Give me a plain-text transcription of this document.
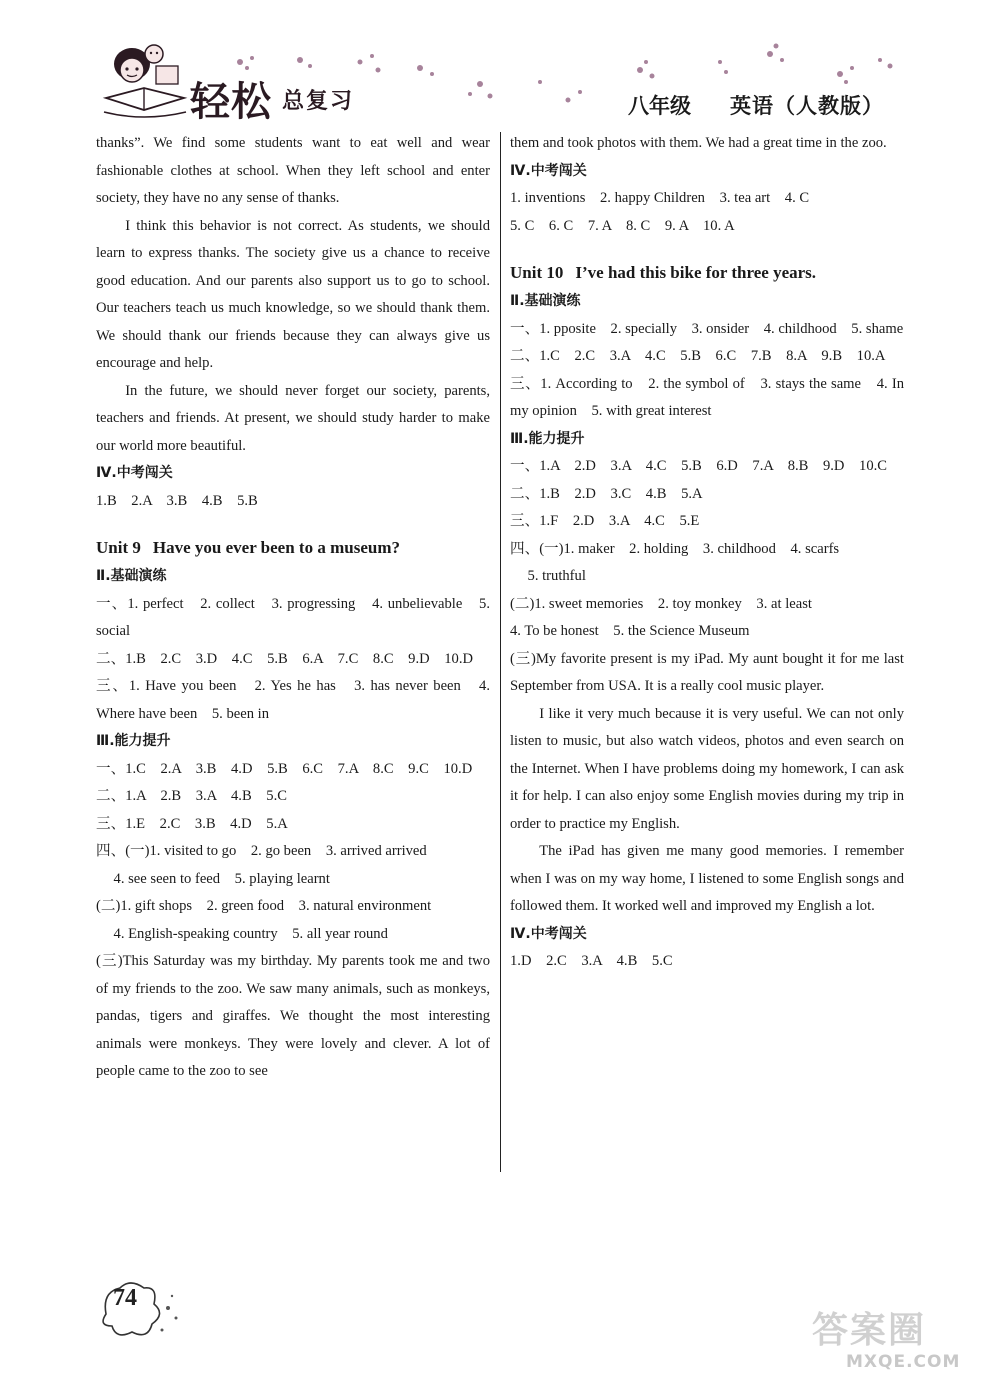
轻松 总复习	八年级 英语（人教版）

thanks”. We find some students want to eat well and wear fashionable clothes at school. When they left school and enter society, they have no any sense of thanks.

I think this behavior is not correct. As students, we should learn to express thanks. The society give us a chance to receive good education. And our parents also support us to go to school. Our teachers teach us much knowledge, so we should thank them. We should thank our friends because they can always give us encourage and help.

In the future, we should never forget our society, parents, teachers and friends. At present, we should study harder to make our world more beautiful.

Ⅳ.中考闯关

1.B　2.A　3.B　4.B　5.B

Unit 9 Have you ever been to a museum?

Ⅱ.基础演练

一、1. perfect　2. collect　3. progressing　4. unbelievable　5. social

二、1.B　2.C　3.D　4.C　5.B　6.A　7.C　8.C　9.D　10.D

三、1. Have you been　2. Yes he has　3. has never been　4. Where have been　5. been in

Ⅲ.能力提升

一、1.C　2.A　3.B　4.D　5.B　6.C　7.A　8.C　9.C　10.D

二、1.A　2.B　3.A　4.B　5.C

三、1.E　2.C　3.B　4.D　5.A

四、(一)1. visited to go　2. go been　3. arrived arrived

4. see seen to feed　5. playing learnt

(二)1. gift shops　2. green food　3. natural environment

4. English-speaking country　5. all year round

(三)This Saturday was my birthday. My parents took me and two of my friends to the zoo. We saw many animals, such as monkeys, pandas, tigers and giraffes. We thought the most interesting animals were monkeys. They were lovely and clever. A lot of people came to the zoo to see

them and took photos with them. We had a great time in the zoo.

Ⅳ.中考闯关

1. inventions　2. happy Children　3. tea art　4. C

5. C　6. C　7. A　8. C　9. A　10. A

Unit 10 I’ve had this bike for three years.

Ⅱ.基础演练

一、1. pposite　2. specially　3. onsider　4. childhood　5. shame

二、1.C　2.C　3.A　4.C　5.B　6.C　7.B　8.A　9.B　10.A

三、1. According to　2. the symbol of　3. stays the same　4. In my opinion　5. with great interest

Ⅲ.能力提升

一、1.A　2.D　3.A　4.C　5.B　6.D　7.A　8.B　9.D　10.C

二、1.B　2.D　3.C　4.B　5.A

三、1.F　2.D　3.A　4.C　5.E

四、(一)1. maker　2. holding　3. childhood　4. scarfs

5. truthful

(二)1. sweet memories　2. toy monkey　3. at least

4. To be honest　5. the Science Museum

(三)My favorite present is my iPad. My aunt bought it for me last September from USA. It is a really cool music player.

I like it very much because it is very useful. We can not only listen to music, but also watch videos, photos and even search on the Internet. When I have problems doing my homework, I can ask it for help. I can also enjoy some English movies during my trip in order to practice my English.

The iPad has given me many good memories. I remember when I was on my way home, I listened to some English songs and followed them. It worked well and improved my English a lot.

Ⅳ.中考闯关

1.D　2.C　3.A　4.B　5.C

74
答案圈
MXQE.COM
